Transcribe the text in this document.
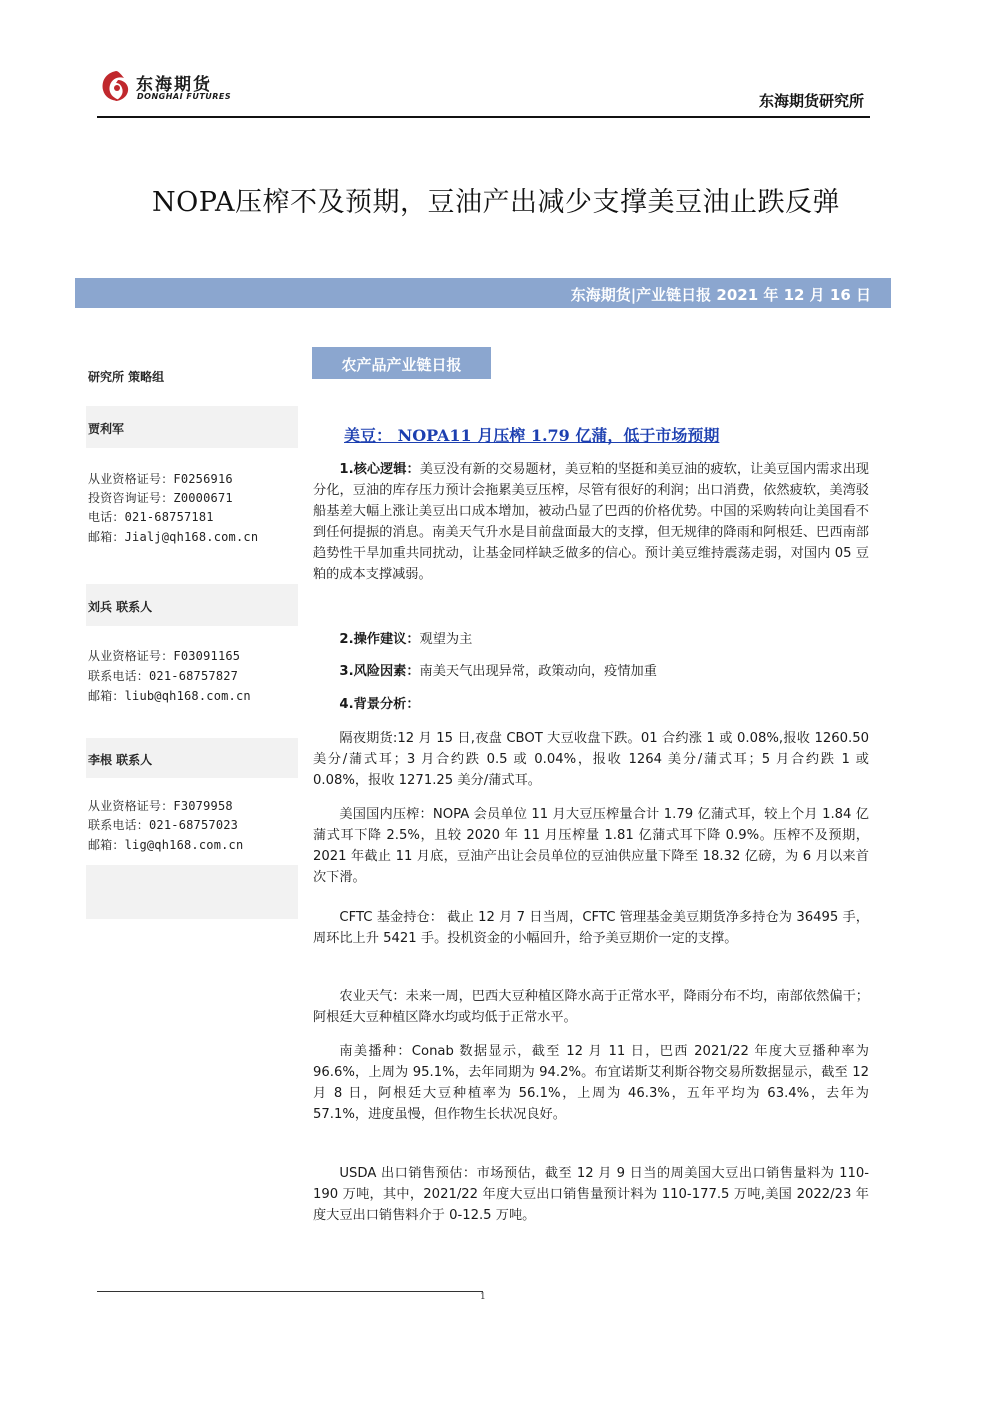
东海期货
DONGHAI FUTURES	东海期货研究所
NOPA压榨不及预期，豆油产出减少支撑美豆油止跌反弹
东海期货|产业链日报 2021 年 12 月 16 日
研究所 策略组
贾利军
从业资格证号：F0256916
投资咨询证号：Z0000671
电话：021-68757181
邮箱：Jialj@qh168.com.cn
刘兵 联系人
从业资格证号：F03091165
联系电话：021-68757827
邮箱：liub@qh168.com.cn
李根 联系人
从业资格证号：F3079958
联系电话：021-68757023
邮箱：lig@qh168.com.cn
农产品产业链日报
美豆： NOPA11 月压榨 1.79 亿蒲，低于市场预期
1.核心逻辑：美豆没有新的交易题材，美豆粕的坚挺和美豆油的疲软，让美豆国内需求出现分化，豆油的库存压力预计会拖累美豆压榨，尽管有很好的利润；出口消费，依然疲软，美湾驳船基差大幅上涨让美豆出口成本增加，被动凸显了巴西的价格优势。中国的采购转向让美国看不到任何提振的消息。南美天气升水是目前盘面最大的支撑，但无规律的降雨和阿根廷、巴西南部趋势性干旱加重共同扰动，让基金同样缺乏做多的信心。预计美豆维持震荡走弱，对国内 05 豆粕的成本支撑减弱。
2.操作建议：观望为主
3.风险因素：南美天气出现异常，政策动向，疫情加重
4.背景分析：
隔夜期货:12 月 15 日,夜盘 CBOT 大豆收盘下跌。01 合约涨 1 或 0.08%,报收 1260.50 美分/蒲式耳；3 月合约跌 0.5 或 0.04%，报收 1264 美分/蒲式耳；5 月合约跌 1 或 0.08%，报收 1271.25 美分/蒲式耳。
美国国内压榨：NOPA 会员单位 11 月大豆压榨量合计 1.79 亿蒲式耳，较上个月 1.84 亿蒲式耳下降 2.5%，且较 2020 年 11 月压榨量 1.81 亿蒲式耳下降 0.9%。压榨不及预期，2021 年截止 11 月底，豆油产出让会员单位的豆油供应量下降至 18.32 亿磅，为 6 月以来首次下滑。
CFTC 基金持仓： 截止 12 月 7 日当周，CFTC 管理基金美豆期货净多持仓为 36495 手，周环比上升 5421 手。投机资金的小幅回升，给予美豆期价一定的支撑。
农业天气：未来一周，巴西大豆种植区降水高于正常水平，降雨分布不均，南部依然偏干；阿根廷大豆种植区降水均或均低于正常水平。
南美播种：Conab 数据显示，截至 12 月 11 日，巴西 2021/22 年度大豆播种率为 96.6%，上周为 95.1%，去年同期为 94.2%。布宜诺斯艾利斯谷物交易所数据显示，截至 12 月 8 日，阿根廷大豆种植率为 56.1%，上周为 46.3%，五年平均为 63.4%，去年为 57.1%，进度虽慢，但作物生长状况良好。
USDA 出口销售预估：市场预估，截至 12 月 9 日当的周美国大豆出口销售量料为 110-190 万吨，其中，2021/22 年度大豆出口销售量预计料为 110-177.5 万吨,美国 2022/23 年度大豆出口销售料介于 0-12.5 万吨。
1
